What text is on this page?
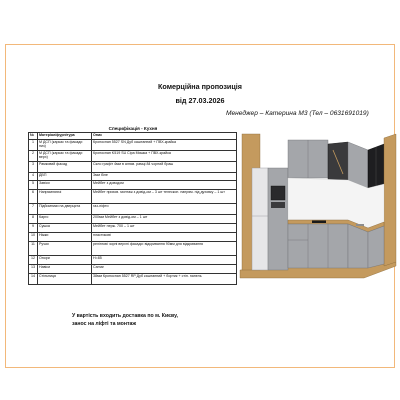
Комерційна пропозиція
від 27.03.2026
Менеджер – Катерина М3 (Тел – 0631691019)
Специфікація - Кухня
№	Матеріал/фурнітура	Опис
1	М ДСП (каркас та фасади низ)	Кроноспан 5527 SN Дуб каштанний + ПВХ-крайка
2	М ДСП (каркас та фасади верх)	Кроноспан K519 SU Сіра Мишка + ПВХ-крайка
3	Рамковий фасад	Скло графіт 4мм в алюм. рамці 84 чорний браш
4	ДВП	3мм біле
5	Завіси	Мейбет з доводом
6	Напрямляючі	Мейбет прихов. монтаж з довід-ом – 3 шт телескоп. напрям. під духовку – 1 шт
7	Підйомники на дверцята	газ-ліфти
8	Карго	200мм Мейбет з довід-ом – 1 шт
9	Сушка	Мейбет нерж. 700 – 1 шт
10	Ніжки	пластикові
11	Ручки	релінгові чорні верхні фасади: відкривання 90мм для відкривання
12	Опори	Н=85
13	Навіси	Camar
14	Стільниця	38мм Кроноспан 5527 RP Дуб каштанний + бортик + стін. панель
У вартість входить доставка по м. Києву,
занос на ліфті та монтаж
